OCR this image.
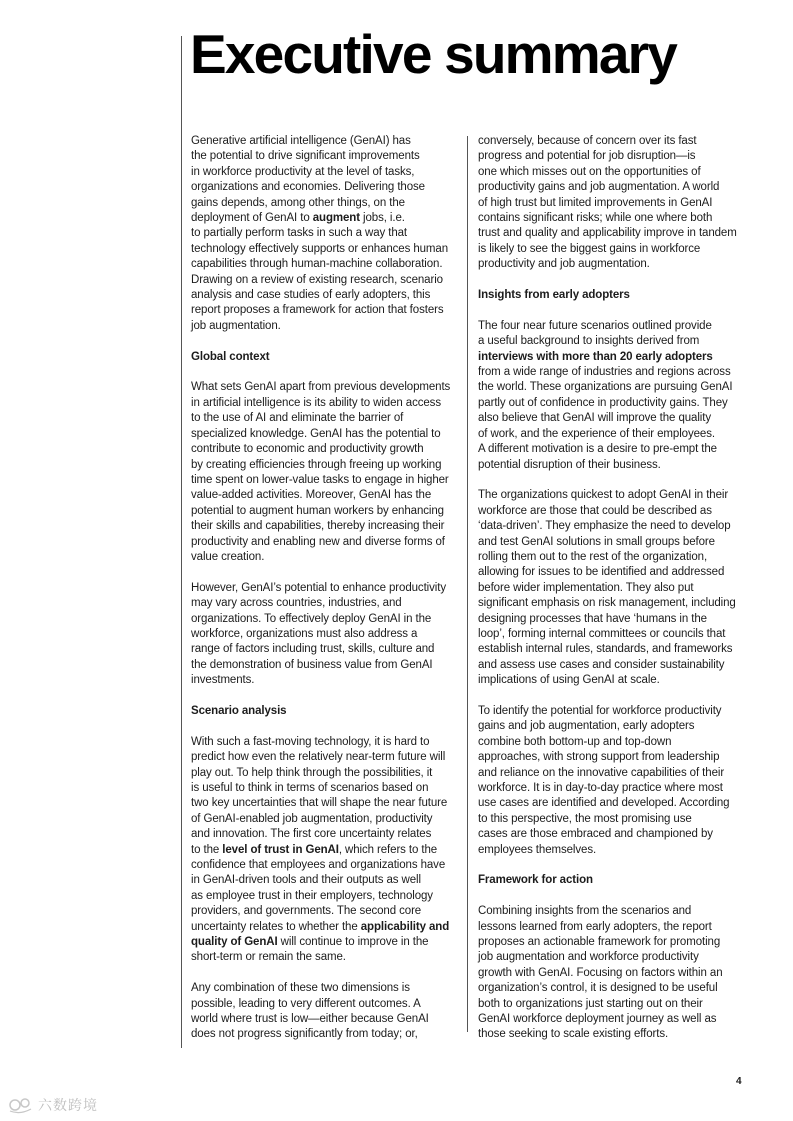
Executive summary

Generative artificial intelligence (GenAI) has
the potential to drive significant improvements
in workforce productivity at the level of tasks,
organizations and economies. Delivering those
gains depends, among other things, on the
deployment of GenAI to augment jobs, i.e.
to partially perform tasks in such a way that
technology effectively supports or enhances human
capabilities through human-machine collaboration.
Drawing on a review of existing research, scenario
analysis and case studies of early adopters, this
report proposes a framework for action that fosters
job augmentation.

Global context

What sets GenAI apart from previous developments
in artificial intelligence is its ability to widen access
to the use of AI and eliminate the barrier of
specialized knowledge. GenAI has the potential to
contribute to economic and productivity growth
by creating efficiencies through freeing up working
time spent on lower-value tasks to engage in higher
value-added activities. Moreover, GenAI has the
potential to augment human workers by enhancing
their skills and capabilities, thereby increasing their
productivity and enabling new and diverse forms of
value creation.

However, GenAI’s potential to enhance productivity
may vary across countries, industries, and
organizations. To effectively deploy GenAI in the
workforce, organizations must also address a
range of factors including trust, skills, culture and
the demonstration of business value from GenAI
investments.

Scenario analysis

With such a fast-moving technology, it is hard to
predict how even the relatively near-term future will
play out. To help think through the possibilities, it
is useful to think in terms of scenarios based on
two key uncertainties that will shape the near future
of GenAI-enabled job augmentation, productivity
and innovation. The first core uncertainty relates
to the level of trust in GenAI, which refers to the
confidence that employees and organizations have
in GenAI-driven tools and their outputs as well
as employee trust in their employers, technology
providers, and governments. The second core
uncertainty relates to whether the applicability and
quality of GenAI will continue to improve in the
short-term or remain the same.

Any combination of these two dimensions is
possible, leading to very different outcomes. A
world where trust is low—either because GenAI
does not progress significantly from today; or,

conversely, because of concern over its fast
progress and potential for job disruption—is
one which misses out on the opportunities of
productivity gains and job augmentation. A world
of high trust but limited improvements in GenAI
contains significant risks; while one where both
trust and quality and applicability improve in tandem
is likely to see the biggest gains in workforce
productivity and job augmentation.

Insights from early adopters

The four near future scenarios outlined provide
a useful background to insights derived from
interviews with more than 20 early adopters
from a wide range of industries and regions across
the world. These organizations are pursuing GenAI
partly out of confidence in productivity gains. They
also believe that GenAI will improve the quality
of work, and the experience of their employees.
A different motivation is a desire to pre-empt the
potential disruption of their business.

The organizations quickest to adopt GenAI in their
workforce are those that could be described as
‘data-driven’. They emphasize the need to develop
and test GenAI solutions in small groups before
rolling them out to the rest of the organization,
allowing for issues to be identified and addressed
before wider implementation. They also put
significant emphasis on risk management, including
designing processes that have ‘humans in the
loop’, forming internal committees or councils that
establish internal rules, standards, and frameworks
and assess use cases and consider sustainability
implications of using GenAI at scale.

To identify the potential for workforce productivity
gains and job augmentation, early adopters
combine both bottom-up and top-down
approaches, with strong support from leadership
and reliance on the innovative capabilities of their
workforce. It is in day-to-day practice where most
use cases are identified and developed. According
to this perspective, the most promising use
cases are those embraced and championed by
employees themselves.

Framework for action

Combining insights from the scenarios and
lessons learned from early adopters, the report
proposes an actionable framework for promoting
job augmentation and workforce productivity
growth with GenAI. Focusing on factors within an
organization’s control, it is designed to be useful
both to organizations just starting out on their
GenAI workforce deployment journey as well as
those seeking to scale existing efforts.

4
六数跨境
